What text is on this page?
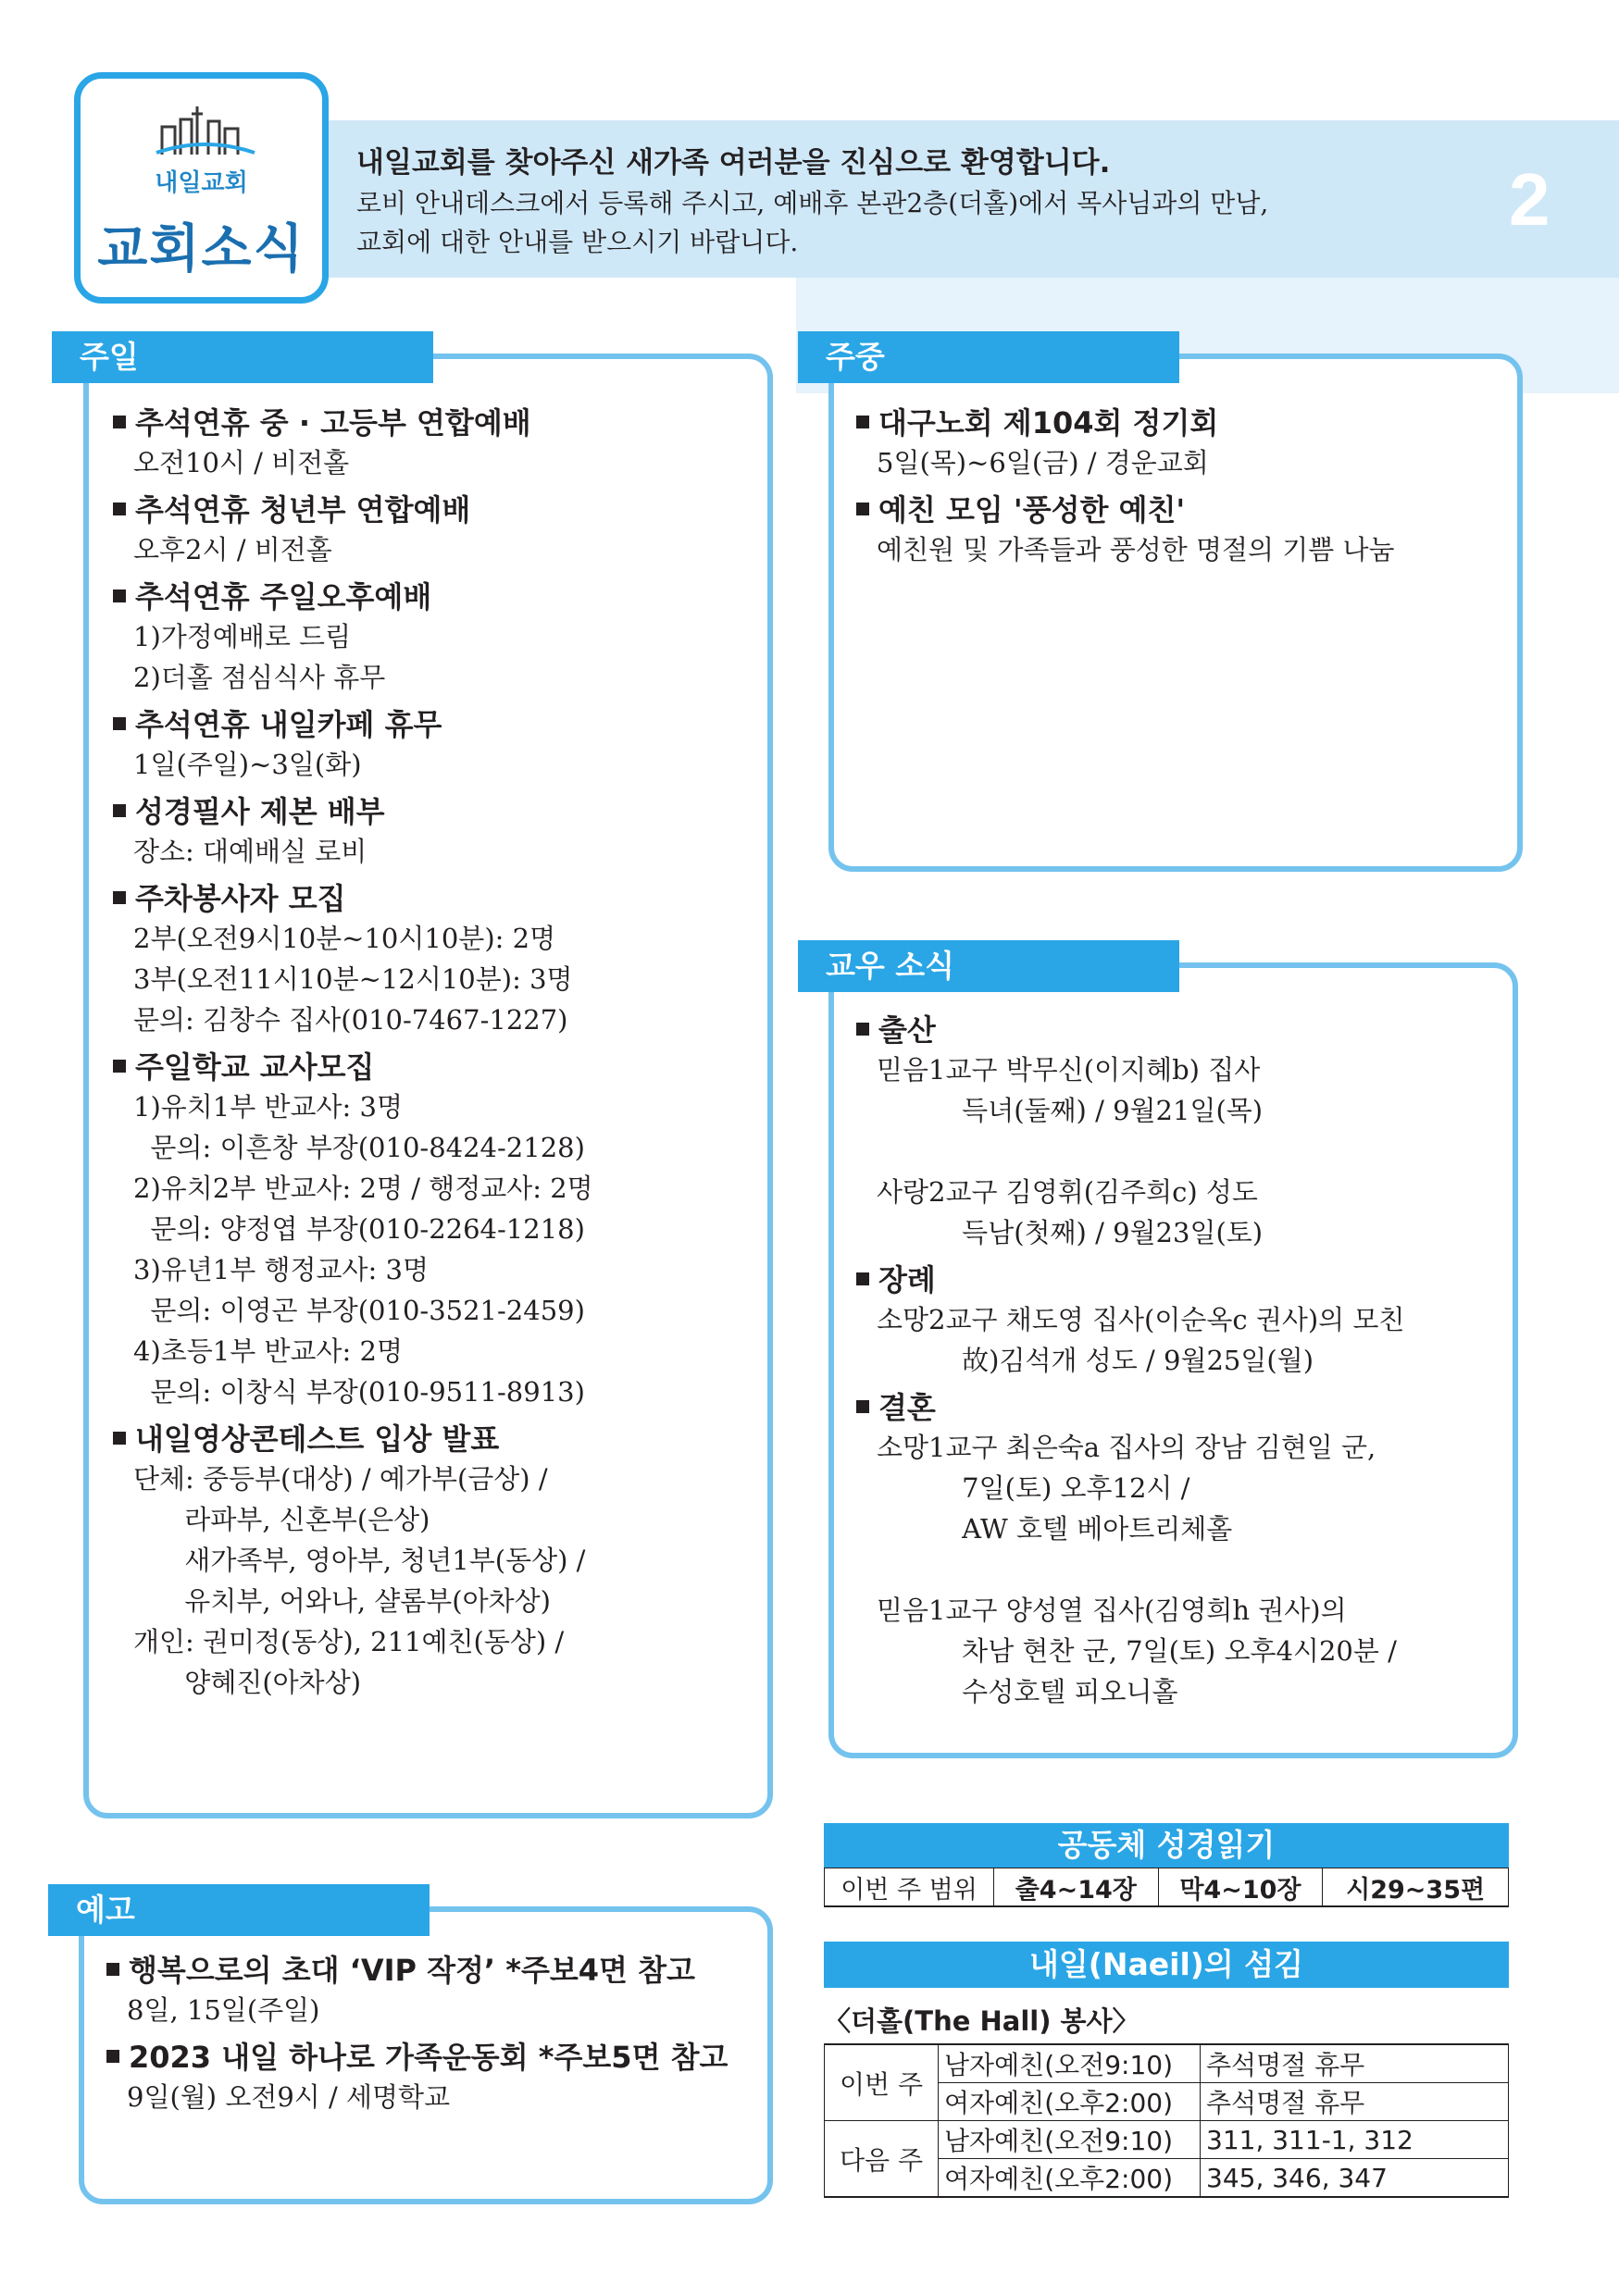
내일교회
교회소식
내일교회를 찾아주신 새가족 여러분을 진심으로 환영합니다.
로비 안내데스크에서 등록해 주시고, 예배후 본관2층(더홀)에서 목사님과의 만남,
교회에 대한 안내를 받으시기 바랍니다.
2
주일
추석연휴 중 · 고등부 연합예배
오전10시 / 비전홀
추석연휴 청년부 연합예배
오후2시 / 비전홀
추석연휴 주일오후예배
1)가정예배로 드림
2)더홀 점심식사 휴무
추석연휴 내일카페 휴무
1일(주일)~3일(화)
성경필사 제본 배부
장소: 대예배실 로비
주차봉사자 모집
2부(오전9시10분~10시10분): 2명
3부(오전11시10분~12시10분): 3명
문의: 김창수 집사(010-7467-1227)
주일학교 교사모집
1)유치1부 반교사: 3명
문의: 이흔창 부장(010-8424-2128)
2)유치2부 반교사: 2명 / 행정교사: 2명
문의: 양정엽 부장(010-2264-1218)
3)유년1부 행정교사: 3명
문의: 이영곤 부장(010-3521-2459)
4)초등1부 반교사: 2명
문의: 이창식 부장(010-9511-8913)
내일영상콘테스트 입상 발표
단체: 중등부(대상) / 예가부(금상) /
라파부, 신혼부(은상)
새가족부, 영아부, 청년1부(동상) /
유치부, 어와나, 샬롬부(아차상)
개인: 권미정(동상), 211예친(동상) /
양혜진(아차상)
주중
대구노회 제104회 정기회
5일(목)~6일(금) / 경운교회
예친 모임 '풍성한 예친'
예친원 및 가족들과 풍성한 명절의 기쁨 나눔
교우 소식
출산
믿음1교구 박무신(이지혜b) 집사
득녀(둘째) / 9월21일(목)

사랑2교구 김영휘(김주희c) 성도
득남(첫째) / 9월23일(토)
장례
소망2교구 채도영 집사(이순옥c 권사)의 모친
故)김석개 성도 / 9월25일(월)
결혼
소망1교구 최은숙a 집사의 장남 김현일 군,
7일(토) 오후12시 /
AW 호텔 베아트리체홀

믿음1교구 양성열 집사(김영희h 권사)의
차남 현찬 군, 7일(토) 오후4시20분 /
수성호텔 피오니홀
예고
행복으로의 초대 ‘VIP 작정’ *주보4면 참고
8일, 15일(주일)
2023 내일 하나로 가족운동회 *주보5면 참고
9일(월) 오전9시 / 세명학교
공동체 성경읽기
이번 주 범위	출4~14장	막4~10장	시29~35편
내일(Naeil)의 섬김
〈더홀(The Hall) 봉사〉
이번 주	남자예친(오전9:10)	추석명절 휴무
	여자예친(오후2:00)	추석명절 휴무
다음 주	남자예친(오전9:10)	311, 311-1, 312
	여자예친(오후2:00)	345, 346, 347
